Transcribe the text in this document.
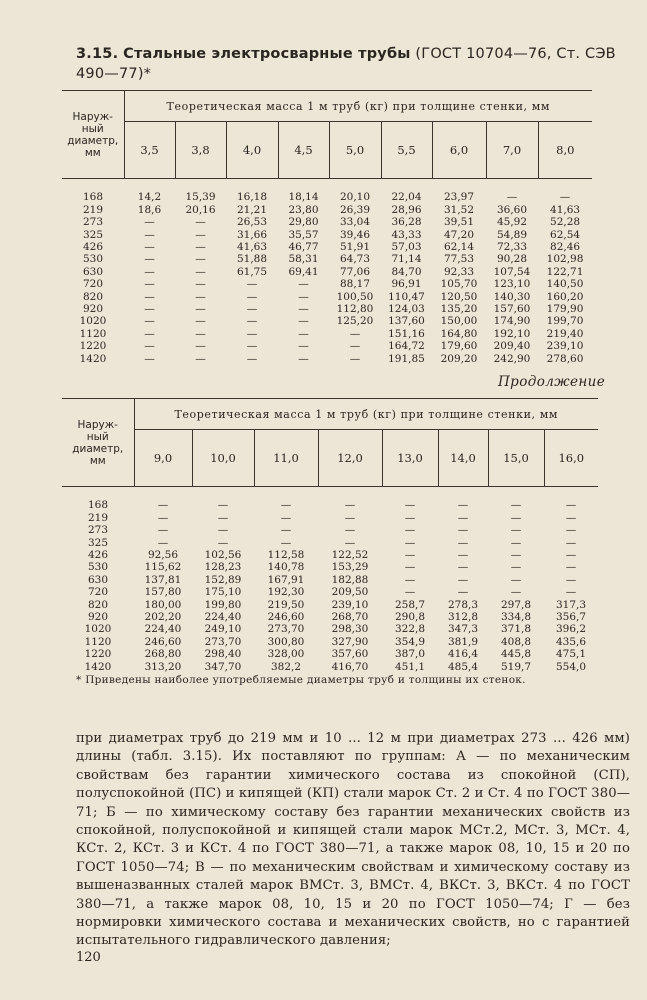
3.15. Стальные электросварные трубы (ГОСТ 10704—76, Ст. СЭВ 490—77)*
Наруж-
ный
диаметр,
мм	Теоретическая масса 1 м труб (кг) при толщине стенки, мм								
	3,5	3,8	4,0	4,5	5,0	5,5	6,0	7,0	8,0

168	14,2	15,39	16,18	18,14	20,10	22,04	23,97	—	—
219	18,6	20,16	21,21	23,80	26,39	28,96	31,52	36,60	41,63
273	—	—	26,53	29,80	33,04	36,28	39,51	45,92	52,28
325	—	—	31,66	35,57	39,46	43,33	47,20	54,89	62,54
426	—	—	41,63	46,77	51,91	57,03	62,14	72,33	82,46
530	—	—	51,88	58,31	64,73	71,14	77,53	90,28	102,98
630	—	—	61,75	69,41	77,06	84,70	92,33	107,54	122,71
720	—	—	—	—	88,17	96,91	105,70	123,10	140,50
820	—	—	—	—	100,50	110,47	120,50	140,30	160,20
920	—	—	—	—	112,80	124,03	135,20	157,60	179,90
1020	—	—	—	—	125,20	137,60	150,00	174,90	199,70
1120	—	—	—	—	—	151,16	164,80	192,10	219,40
1220	—	—	—	—	—	164,72	179,60	209,40	239,10
1420	—	—	—	—	—	191,85	209,20	242,90	278,60
Продолжение
Наруж-
ный
диаметр,
мм	Теоретическая масса 1 м труб (кг) при толщине стенки, мм							
	9,0	10,0	11,0	12,0	13,0	14,0	15,0	16,0

168	—	—	—	—	—	—	—	—
219	—	—	—	—	—	—	—	—
273	—	—	—	—	—	—	—	—
325	—	—	—	—	—	—	—	—
426	92,56	102,56	112,58	122,52	—	—	—	—
530	115,62	128,23	140,78	153,29	—	—	—	—
630	137,81	152,89	167,91	182,88	—	—	—	—
720	157,80	175,10	192,30	209,50	—	—	—	—
820	180,00	199,80	219,50	239,10	258,7	278,3	297,8	317,3
920	202,20	224,40	246,60	268,70	290,8	312,8	334,8	356,7
1020	224,40	249,10	273,70	298,30	322,8	347,3	371,8	396,2
1120	246,60	273,70	300,80	327,90	354,9	381,9	408,8	435,6
1220	268,80	298,40	328,00	357,60	387,0	416,4	445,8	475,1
1420	313,20	347,70	382,2	416,70	451,1	485,4	519,7	554,0
* Приведены наиболее употребляемые диаметры труб и толщины их стенок.
при диаметрах труб до 219 мм и 10 ... 12 м при диаметрах 273 ... 426 мм) длины (табл. 3.15). Их поставляют по группам: А — по механическим свойствам без гарантии химического состава из спокойной (СП), полуспокойной (ПС) и кипящей (КП) стали марок Ст. 2 и Ст. 4 по ГОСТ 380—71; Б — по химическому составу без гарантии механических свойств из спокойной, полуспокойной и кипящей стали марок МСт.2, МСт. 3, МСт. 4, КСт. 2, КСт. 3 и КСт. 4 по ГОСТ 380—71, а также марок 08, 10, 15 и 20 по ГОСТ 1050—74; В — по механическим свойствам и химическому составу из вышеназванных сталей марок ВМСт. 3, ВМСт. 4, ВКСт. 3, ВКСт. 4 по ГОСТ 380—71, а также марок 08, 10, 15 и 20 по ГОСТ 1050—74; Г — без нормировки химического состава и механических свойств, но с гарантией испытательного гидравлического давления;
120
